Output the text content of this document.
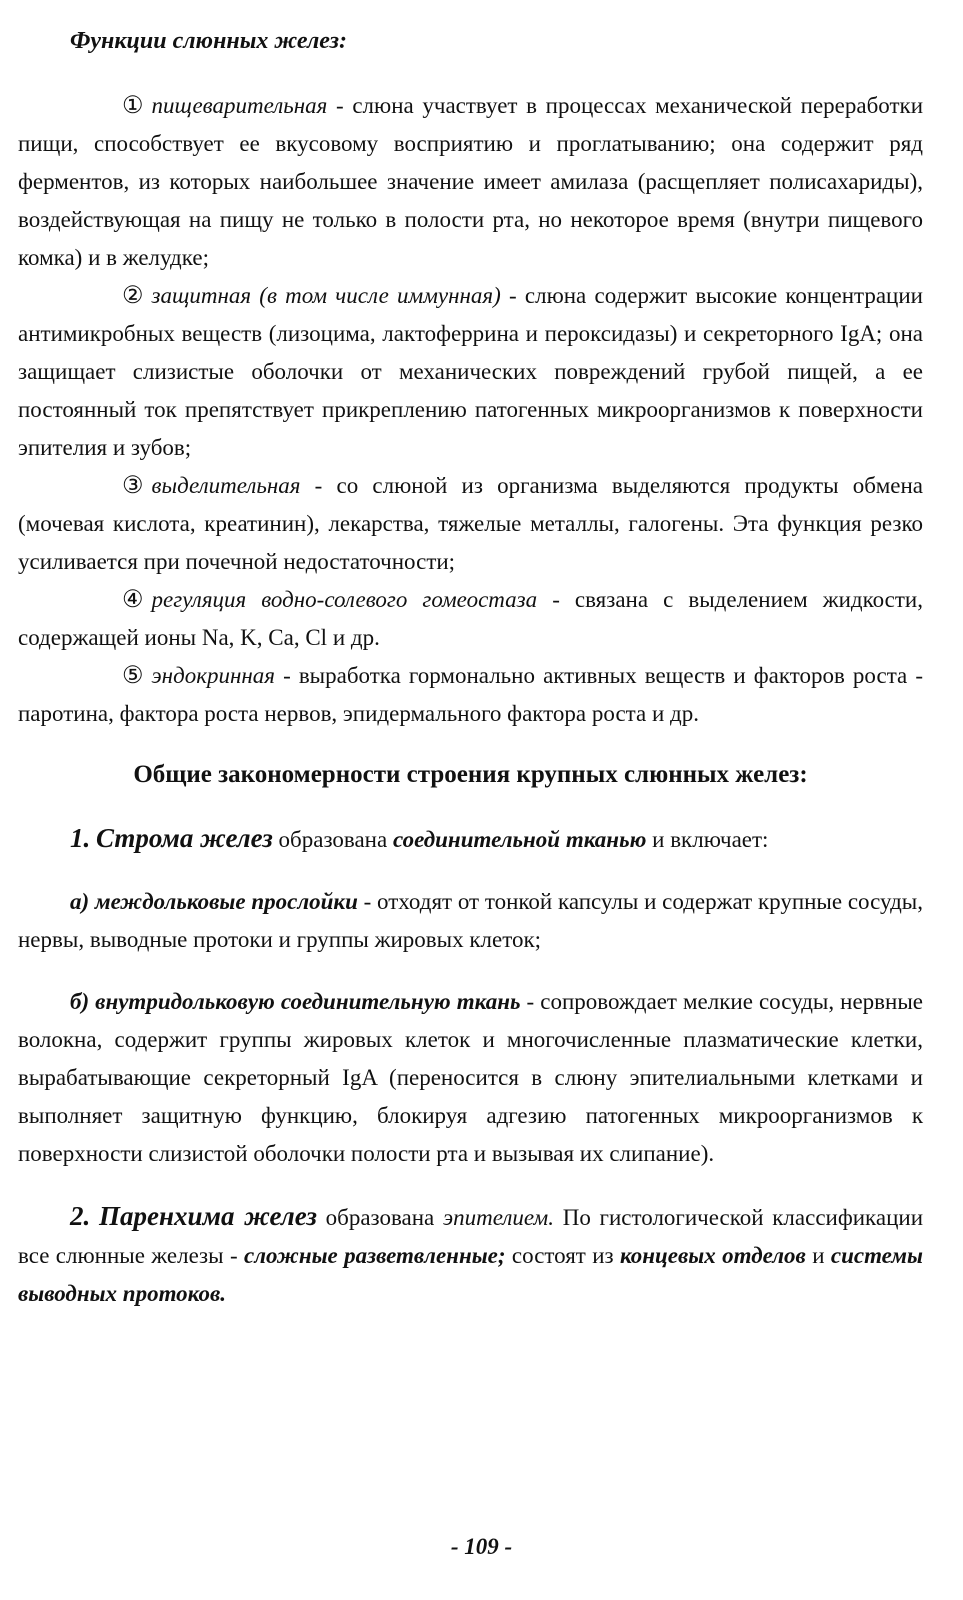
Функции слюнных желез:

① пищеварительная - слюна участвует в процессах механической переработки пищи, способствует ее вкусовому восприятию и проглатыванию; она содержит ряд ферментов, из которых наибольшее значение имеет амилаза (расщепляет полисахариды), воздействующая на пищу не только в полости рта, но некоторое время (внутри пищевого комка) и в желудке;

② защитная (в том числе иммунная) - слюна содержит высокие концентрации антимикробных веществ (лизоцима, лактоферрина и пероксидазы) и секреторного IgA; она защищает слизистые оболочки от механических повреждений грубой пищей, а ее постоянный ток препятствует прикреплению патогенных микроорганизмов к поверхности эпителия и зубов;

③ выделительная - со слюной из организма выделяются продукты обмена (мочевая кислота, креатинин), лекарства, тяжелые металлы, галогены. Эта функция резко усиливается при почечной недостаточности;

④ регуляция водно-солевого гомеостаза - связана с выделением жидкости, содержащей ионы Na, K, Ca, Cl и др.

⑤ эндокринная - выработка гормонально активных веществ и факторов роста - паротина, фактора роста нервов, эпидермального фактора роста и др.

Общие закономерности строения крупных слюнных желез:

1. Строма желез образована соединительной тканью и включает:

а) междольковые прослойки - отходят от тонкой капсулы и содержат крупные сосуды, нервы, выводные протоки и группы жировых клеток;

б) внутридольковую соединительную ткань - сопровождает мелкие сосуды, нервные волокна, содержит группы жировых клеток и многочисленные плазматические клетки, вырабатывающие секреторный IgA (переносится в слюну эпителиальными клетками и выполняет защитную функцию, блокируя адгезию патогенных микроорганизмов к поверхности слизистой оболочки полости рта и вызывая их слипание).

2. Паренхима желез образована эпителием. По гистологической классификации все слюнные железы - сложные разветвленные; состоят из концевых отделов и системы выводных протоков.

- 109 -
